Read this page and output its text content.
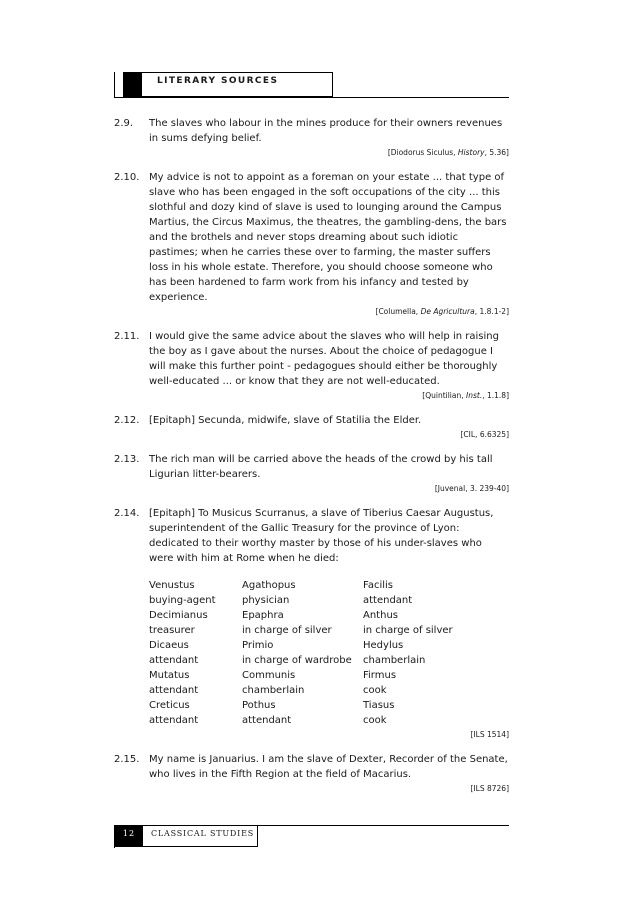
LITERARY SOURCES
2.9. The slaves who labour in the mines produce for their owners revenues in sums defying belief.
[Diodorus Siculus, History, 5.36]
2.10. My advice is not to appoint as a foreman on your estate ... that type of slave who has been engaged in the soft occupations of the city ... this slothful and dozy kind of slave is used to lounging around the Campus Martius, the Circus Maximus, the theatres, the gambling-dens, the bars and the brothels and never stops dreaming about such idiotic pastimes; when he carries these over to farming, the master suffers loss in his whole estate. Therefore, you should choose someone who has been hardened to farm work from his infancy and tested by experience.
[Columella, De Agricultura, 1.8.1-2]
2.11. I would give the same advice about the slaves who will help in raising the boy as I gave about the nurses. About the choice of pedagogue I will make this further point - pedagogues should either be thoroughly well-educated ... or know that they are not well-educated.
[Quintilian, Inst., 1.1.8]
2.12. [Epitaph] Secunda, midwife, slave of Statilia the Elder.
[CIL, 6.6325]
2.13. The rich man will be carried above the heads of the crowd by his tall Ligurian litter-bearers.
[Juvenal, 3. 239-40]
2.14. [Epitaph] To Musicus Scurranus, a slave of Tiberius Caesar Augustus, superintendent of the Gallic Treasury for the province of Lyon: dedicated to their worthy master by those of his under-slaves who were with him at Rome when he died:
Venustus	Agathopus	Facilis
buying-agent	physician	attendant
Decimianus	Epaphra	Anthus
treasurer	in charge of silver	in charge of silver
Dicaeus	Primio	Hedylus
attendant	in charge of wardrobe	chamberlain
Mutatus	Communis	Firmus
attendant	chamberlain	cook
Creticus	Pothus	Tiasus
attendant	attendant	cook
[ILS 1514]
2.15. My name is Januarius. I am the slave of Dexter, Recorder of the Senate, who lives in the Fifth Region at the field of Macarius.
[ILS 8726]
12	CLASSICAL STUDIES
